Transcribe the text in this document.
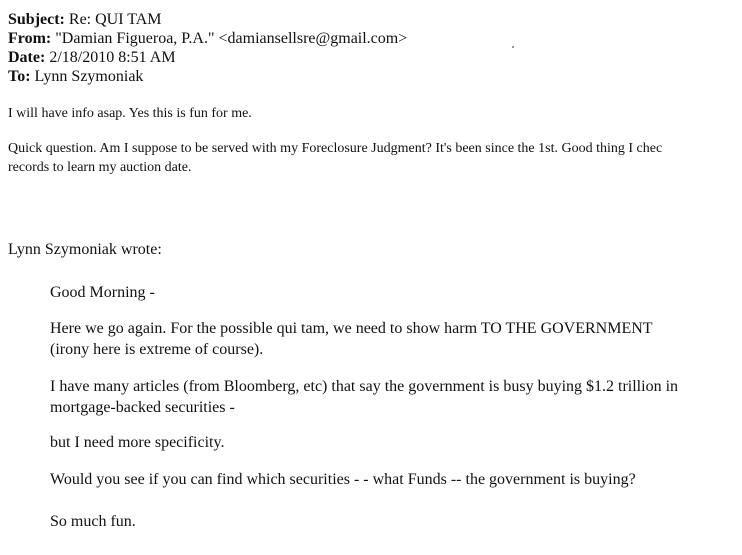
Subject: Re: QUI TAM
From: "Damian Figueroa, P.A." <damiansellsre@gmail.com>
Date: 2/18/2010 8:51 AM
To: Lynn Szymoniak
I will have info asap. Yes this is fun for me.
Quick question. Am I suppose to be served with my Foreclosure Judgment? It's been since the 1st. Good thing I chec
records to learn my auction date.
Lynn Szymoniak wrote:
Good Morning -
Here we go again. For the possible qui tam, we need to show harm TO THE GOVERNMENT
(irony here is extreme of course).
I have many articles (from Bloomberg, etc) that say the government is busy buying $1.2 trillion in
mortgage-backed securities -
but I need more specificity.
Would you see if you can find which securities - - what Funds -- the government is buying?
So much fun.
